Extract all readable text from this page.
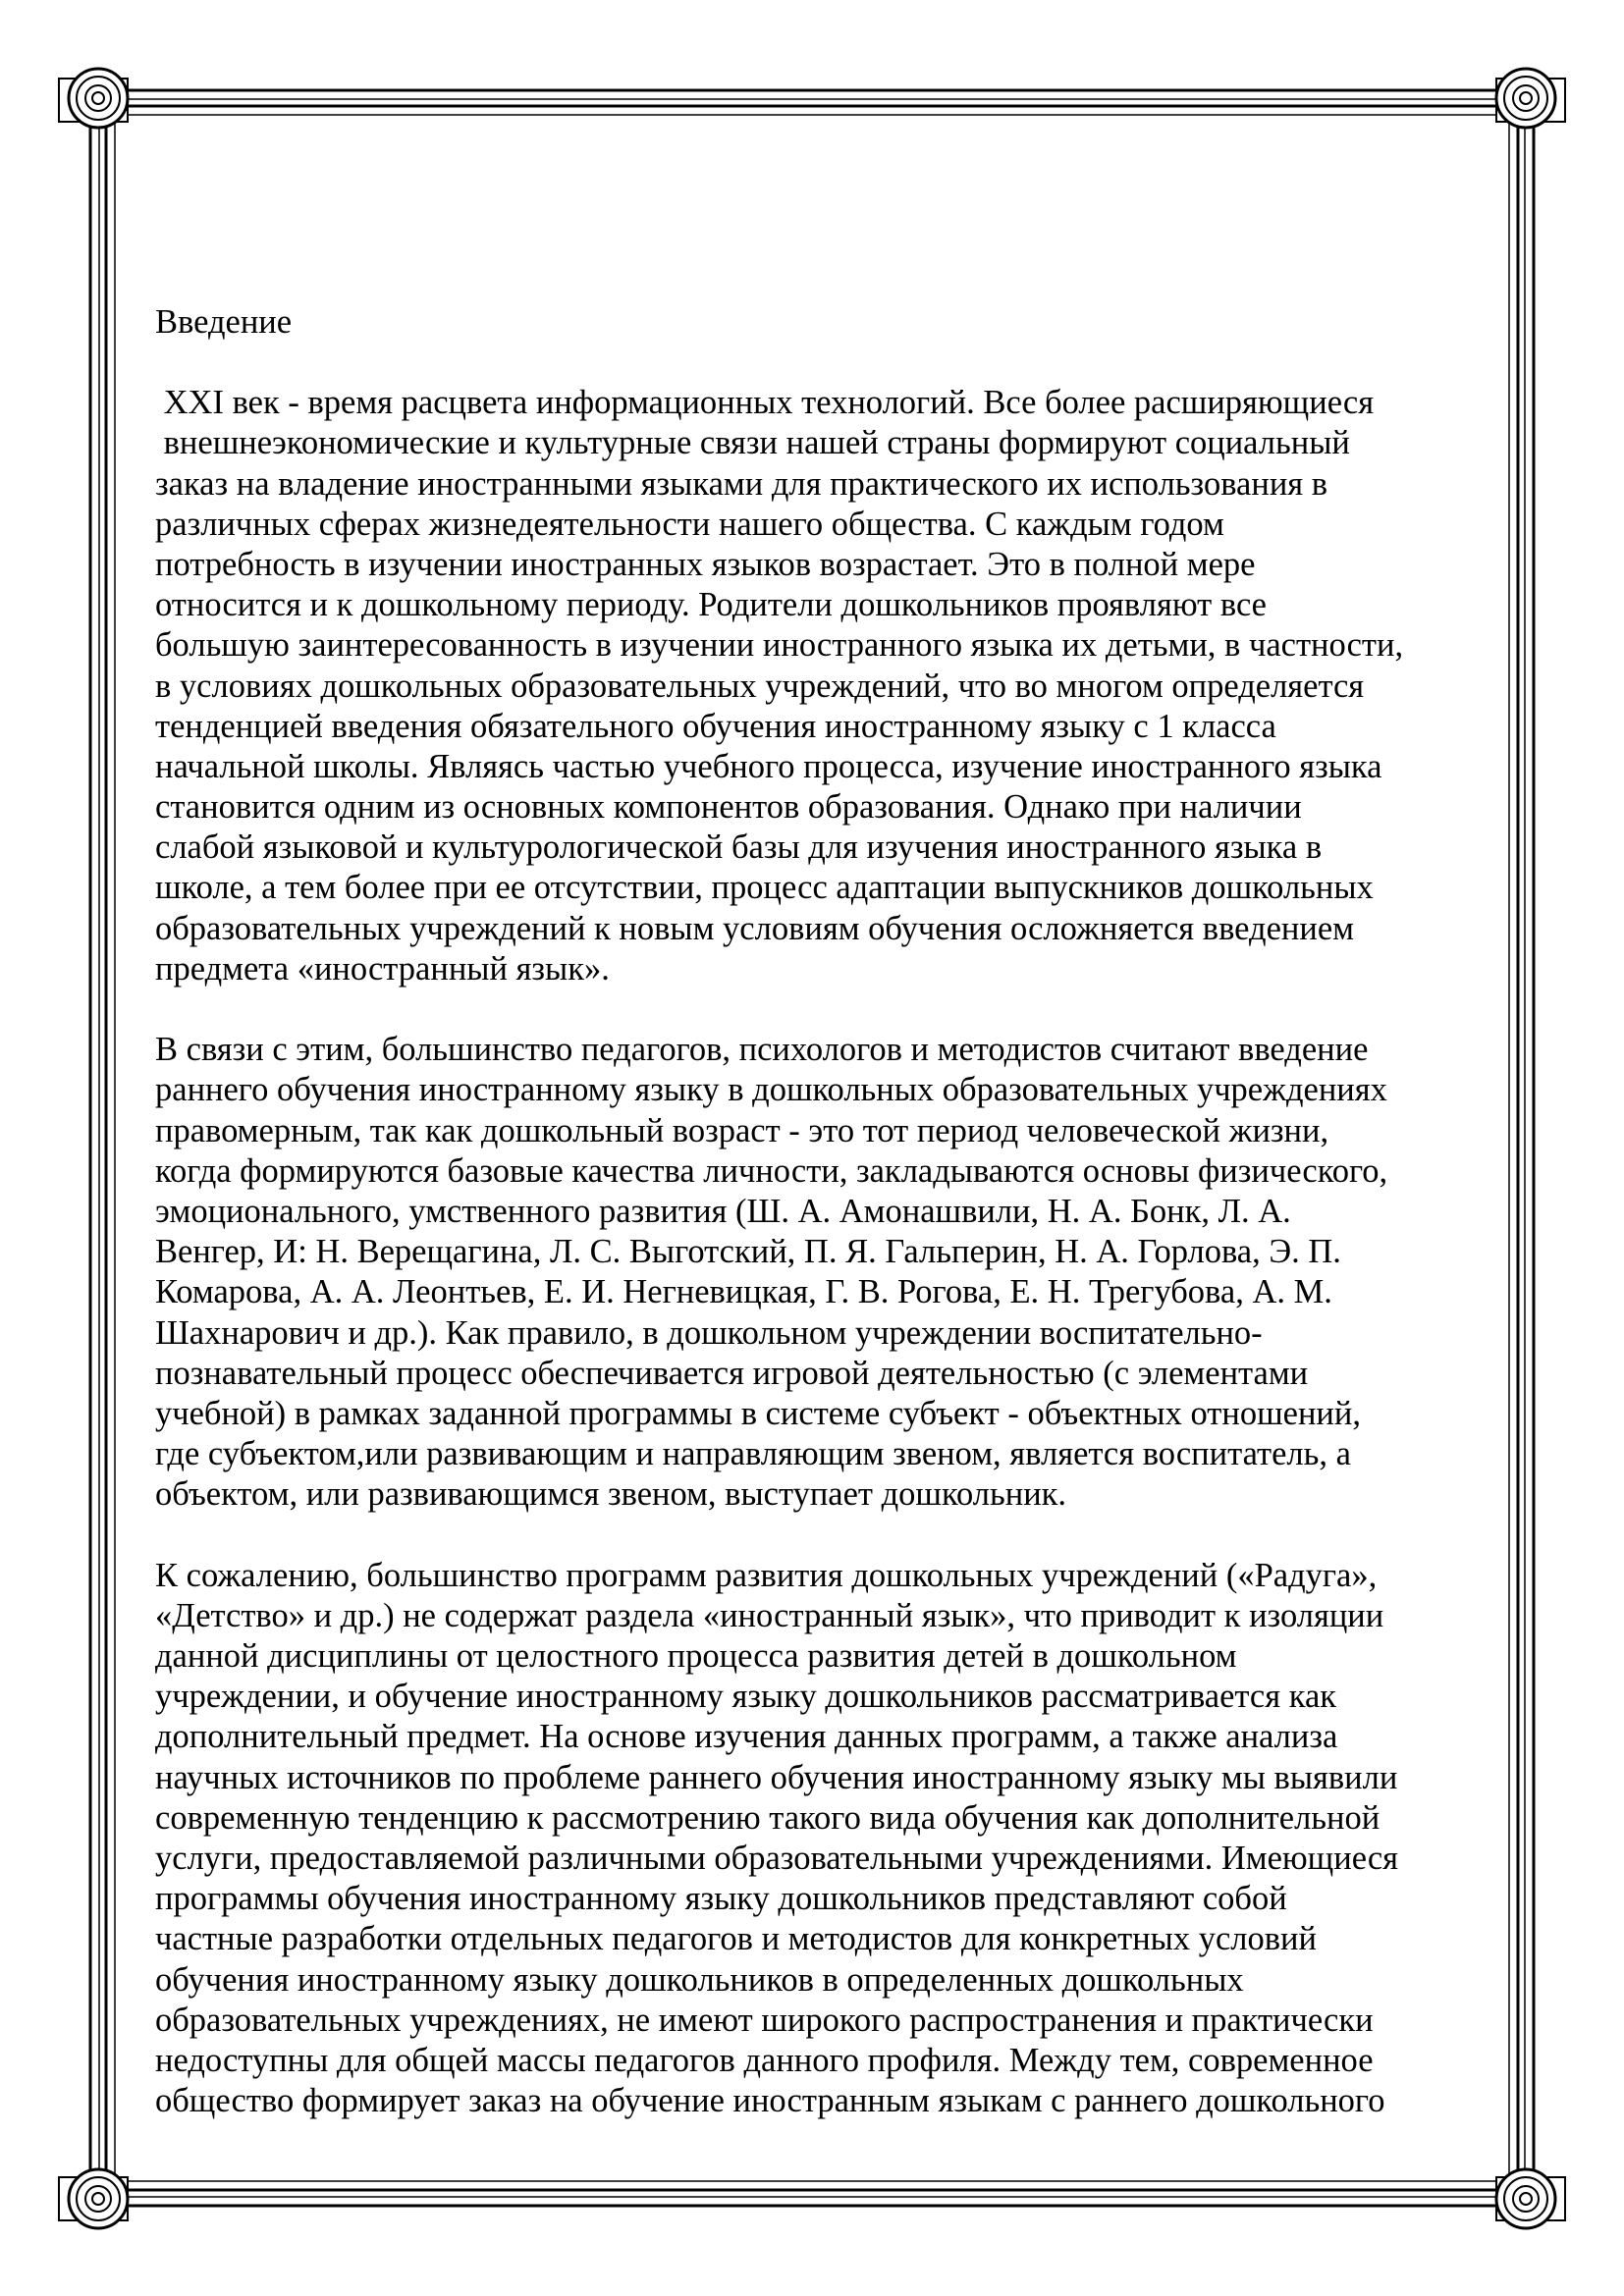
Введение
XXI век - время расцвета информационных технологий. Все более расширяющиеся
внешнеэкономические и культурные связи нашей страны формируют социальный
заказ на владение иностранными языками для практического их использования в
различных сферах жизнедеятельности нашего общества. С каждым годом
потребность в изучении иностранных языков возрастает. Это в полной мере
относится и к дошкольному периоду. Родители дошкольников проявляют все
большую заинтересованность в изучении иностранного языка их детьми, в частности,
в условиях дошкольных образовательных учреждений, что во многом определяется
тенденцией введения обязательного обучения иностранному языку с 1 класса
начальной школы. Являясь частью учебного процесса, изучение иностранного языка
становится одним из основных компонентов образования. Однако при наличии
слабой языковой и культурологической базы для изучения иностранного языка в
школе, а тем более при ее отсутствии, процесс адаптации выпускников дошкольных
образовательных учреждений к новым условиям обучения осложняется введением
предмета «иностранный язык».
В связи с этим, большинство педагогов, психологов и методистов считают введение
раннего обучения иностранному языку в дошкольных образовательных учреждениях
правомерным, так как дошкольный возраст - это тот период человеческой жизни,
когда формируются базовые качества личности, закладываются основы физического,
эмоционального, умственного развития (Ш. А. Амонашвили, Н. А. Бонк, Л. А.
Венгер, И: Н. Верещагина, Л. С. Выготский, П. Я. Гальперин, Н. А. Горлова, Э. П.
Комарова, А. А. Леонтьев, Е. И. Негневицкая, Г. В. Рогова, Е. Н. Трегубова, А. М.
Шахнарович и др.). Как правило, в дошкольном учреждении воспитательно-
познавательный процесс обеспечивается игровой деятельностью (с элементами
учебной) в рамках заданной программы в системе субъект - объектных отношений,
где субъектом,или развивающим и направляющим звеном, является воспитатель, а
объектом, или развивающимся звеном, выступает дошкольник.
К сожалению, большинство программ развития дошкольных учреждений («Радуга»,
«Детство» и др.) не содержат раздела «иностранный язык», что приводит к изоляции
данной дисциплины от целостного процесса развития детей в дошкольном
учреждении, и обучение иностранному языку дошкольников рассматривается как
дополнительный предмет. На основе изучения данных программ, а также анализа
научных источников по проблеме раннего обучения иностранному языку мы выявили
современную тенденцию к рассмотрению такого вида обучения как дополнительной
услуги, предоставляемой различными образовательными учреждениями. Имеющиеся
программы обучения иностранному языку дошкольников представляют собой
частные разработки отдельных педагогов и методистов для конкретных условий
обучения иностранному языку дошкольников в определенных дошкольных
образовательных учреждениях, не имеют широкого распространения и практически
недоступны для общей массы педагогов данного профиля. Между тем, современное
общество формирует заказ на обучение иностранным языкам с раннего дошкольного
